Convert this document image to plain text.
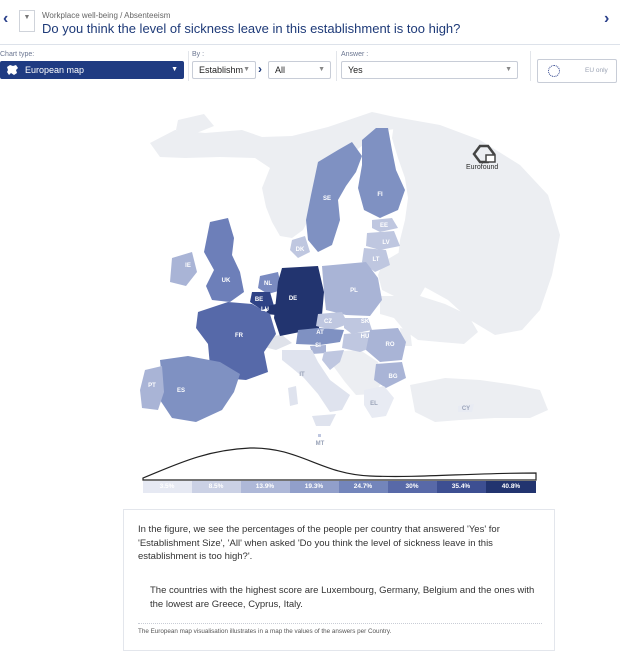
‹	▼	Workplace well-being / Absenteeism
Do you think the level of sickness leave in this establishment is too high?
›
Chart type:
European map	▼
By :
Establishm ▼ ›	All	▼
Answer :
Yes	▼	EU only
SE
FI
EE
LV
LT
IE
UK	NL
BE
LU
DE
PL
FR	AT
SI
CZ	SK
HU
RO
BG
HR
IT
ES
PT
EL
CY
DK
MT
Eurofound
3.5%	8.5%	13.9%	19.3%	24.7%	30%	35.4%	40.8%
In the figure, we see the percentages of the people per country that answered 'Yes' for 'Establishment Size', 'All' when asked 'Do you think the level of sickness leave in this establishment is too high?'.
The countries with the highest score are Luxembourg, Germany, Belgium and the ones with the lowest are Greece, Cyprus, Italy.
The European map visualisation illustrates in a map the values of the answers per Country.
